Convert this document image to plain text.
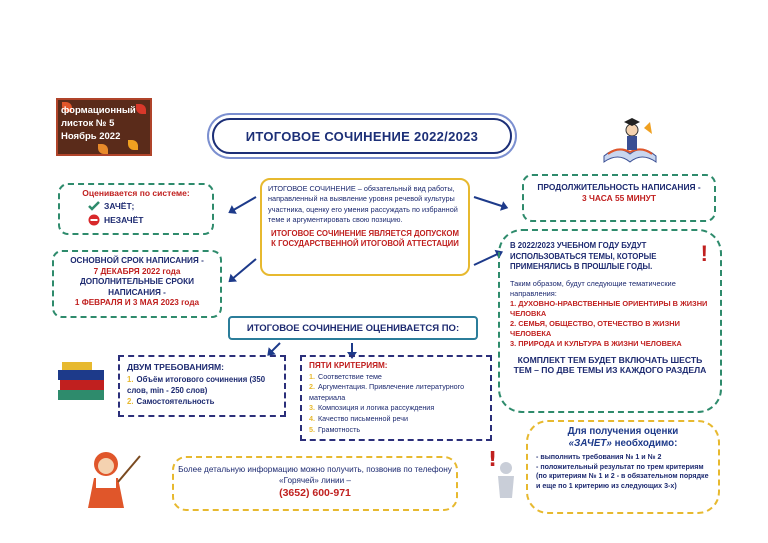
формационный
листок № 5
Ноябрь 2022	ИТОГОВОЕ СОЧИНЕНИЕ 2022/2023
ИТОГОВОЕ СОЧИНЕНИЕ – обязательный вид работы, направленный на выявление уровня речевой культуры участника, оценку его умения рассуждать по избранной теме и аргументировать свою позицию.
ИТОГОВОЕ СОЧИНЕНИЕ ЯВЛЯЕТСЯ ДОПУСКОМ К ГОСУДАРСТВЕННОЙ ИТОГОВОЙ АТТЕСТАЦИИ
Оценивается по системе:
ЗАЧЁТ;
НЕЗАЧЁТ
ОСНОВНОЙ СРОК НАПИСАНИЯ -
7 ДЕКАБРЯ 2022 года
ДОПОЛНИТЕЛЬНЫЕ СРОКИ НАПИСАНИЯ -
1 ФЕВРАЛЯ И 3 МАЯ 2023 года
ПРОДОЛЖИТЕЛЬНОСТЬ НАПИСАНИЯ -
3 ЧАСА 55 МИНУТ
В 2022/2023 УЧЕБНОМ ГОДУ БУДУТ ИСПОЛЬЗОВАТЬСЯ ТЕМЫ, КОТОРЫЕ ПРИМЕНЯЛИСЬ В ПРОШЛЫЕ ГОДЫ.
!
Таким образом, будут следующие тематические направления:
1. ДУХОВНО-НРАВСТВЕННЫЕ ОРИЕНТИРЫ В ЖИЗНИ ЧЕЛОВКА
2. СЕМЬЯ, ОБЩЕСТВО, ОТЕЧЕСТВО В ЖИЗНИ ЧЕЛОВЕКА
3. ПРИРОДА И КУЛЬТУРА В ЖИЗНИ ЧЕЛОВЕКА
КОМПЛЕКТ ТЕМ БУДЕТ ВКЛЮЧАТЬ ШЕСТЬ ТЕМ – ПО ДВЕ ТЕМЫ ИЗ КАЖДОГО РАЗДЕЛА
ИТОГОВОЕ СОЧИНЕНИЕ ОЦЕНИВАЕТСЯ ПО:
ДВУМ ТРЕБОВАНИЯМ:
1. Объём итогового сочинения (350 слов, min - 250 слов)
2. Самостоятельность
ПЯТИ КРИТЕРИЯМ:
1. Соответствие теме
2. Аргументация. Привлечение литературного материала
3. Композиция и логика рассуждения
4. Качество письменной речи
5. Грамотность
Более детальную информацию можно получить, позвонив по телефону «Горячей» линии –
(3652) 600-971
!
Для получения оценки
«ЗАЧЕТ» необходимо:
- выполнить требования № 1 и № 2
- положительный результат по трем критериям (по критериям № 1 и 2 - в обязательном порядке и еще по 1 критерию из следующих 3-х)
